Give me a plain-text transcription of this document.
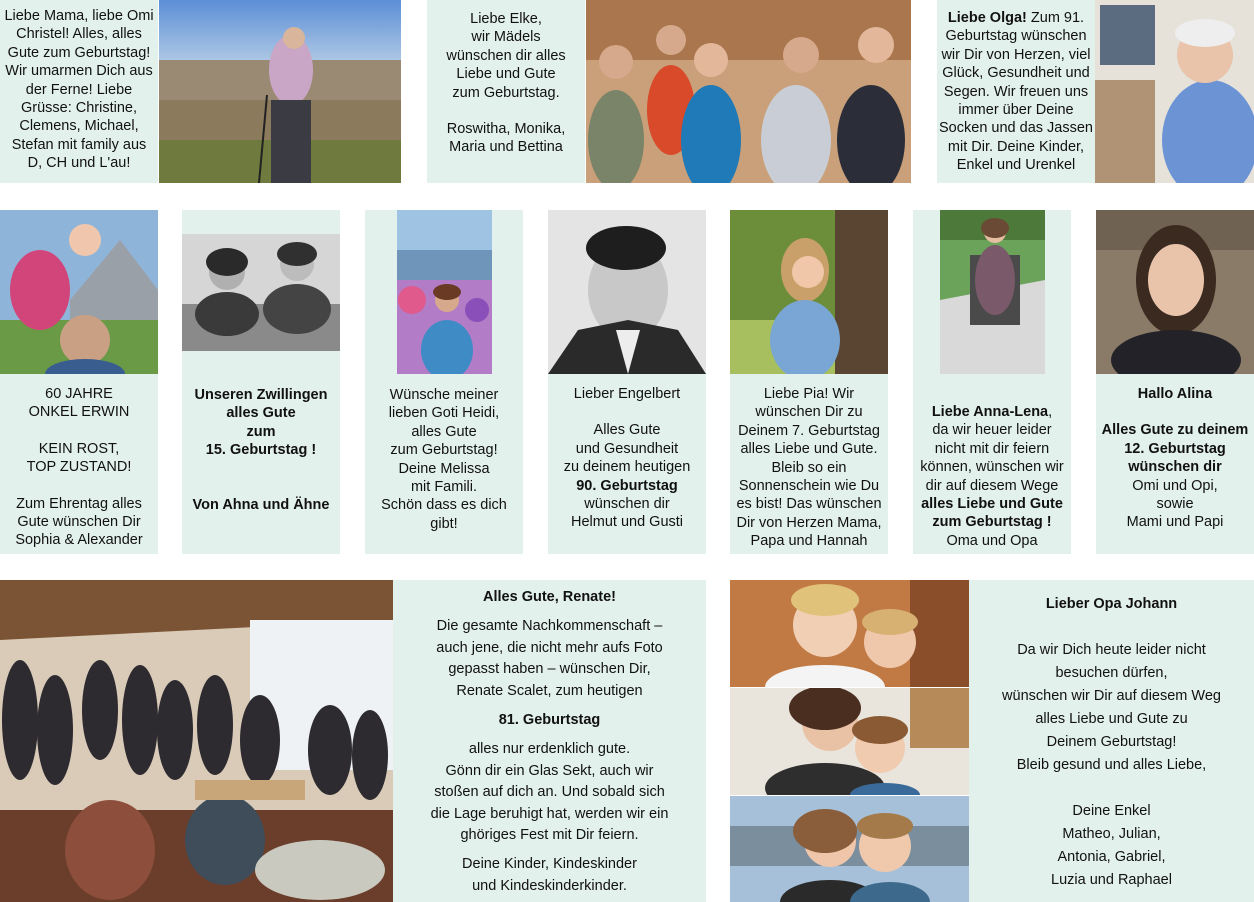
Liebe Mama, liebe Omi

Christel! Alles, alles

Gute zum Geburtstag!

Wir umarmen Dich aus

der Ferne! Liebe

Grüsse: Christine,

Clemens, Michael,

Stefan mit family aus

D, CH und L'au!

Liebe Elke,

wir Mädels

wünschen dir alles

Liebe und Gute

zum Geburtstag.

Roswitha, Monika,

Maria und Bettina

Liebe Olga! Zum 91.

Geburtstag wünschen

wir Dir von Herzen, viel

Glück, Gesundheit und

Segen. Wir freuen uns

immer über Deine

Socken und das Jassen

mit Dir. Deine Kinder,

Enkel und Urenkel

60 JAHRE

ONKEL ERWIN

KEIN ROST,

TOP ZUSTAND!

Zum Ehrentag alles

Gute wünschen Dir

Sophia & Alexander

Unseren Zwillingen

alles Gute

zum

15. Geburtstag !

Von Ahna und Ähne

Wünsche meiner

lieben Goti Heidi,

alles Gute

zum Geburtstag!

Deine Melissa

mit Famili.

Schön dass es dich

gibt!

Lieber Engelbert

Alles Gute

und Gesundheit

zu deinem heutigen

90. Geburtstag

wünschen dir

Helmut und Gusti

Liebe Pia! Wir

wünschen Dir zu

Deinem 7. Geburtstag

alles Liebe und Gute.

Bleib so ein

Sonnenschein wie Du

es bist! Das wünschen

Dir von Herzen Mama,

Papa und Hannah

Liebe Anna-Lena,

da wir heuer leider

nicht mit dir feiern

können, wünschen wir

dir auf diesem Wege

alles Liebe und Gute

zum Geburtstag !

Oma und Opa

Hallo Alina

Alles Gute zu deinem

12. Geburtstag

wünschen dir

Omi und Opi,

sowie

Mami und Papi

Alles Gute, Renate!

Die gesamte Nachkommenschaft –

auch jene, die nicht mehr aufs Foto

gepasst haben – wünschen Dir,

Renate Scalet, zum heutigen

81. Geburtstag

alles nur erdenklich gute.

Gönn dir ein Glas Sekt, auch wir

stoßen auf dich an. Und sobald sich

die Lage beruhigt hat, werden wir ein

ghöriges Fest mit Dir feiern.

Deine Kinder, Kindeskinder

und Kindeskinderkinder.

Lieber Opa Johann

Da wir Dich heute leider nicht

besuchen dürfen,

wünschen wir Dir auf diesem Weg

alles Liebe und Gute zu

Deinem Geburtstag!

Bleib gesund und alles Liebe,

Deine Enkel

Matheo, Julian,

Antonia, Gabriel,

Luzia und Raphael
